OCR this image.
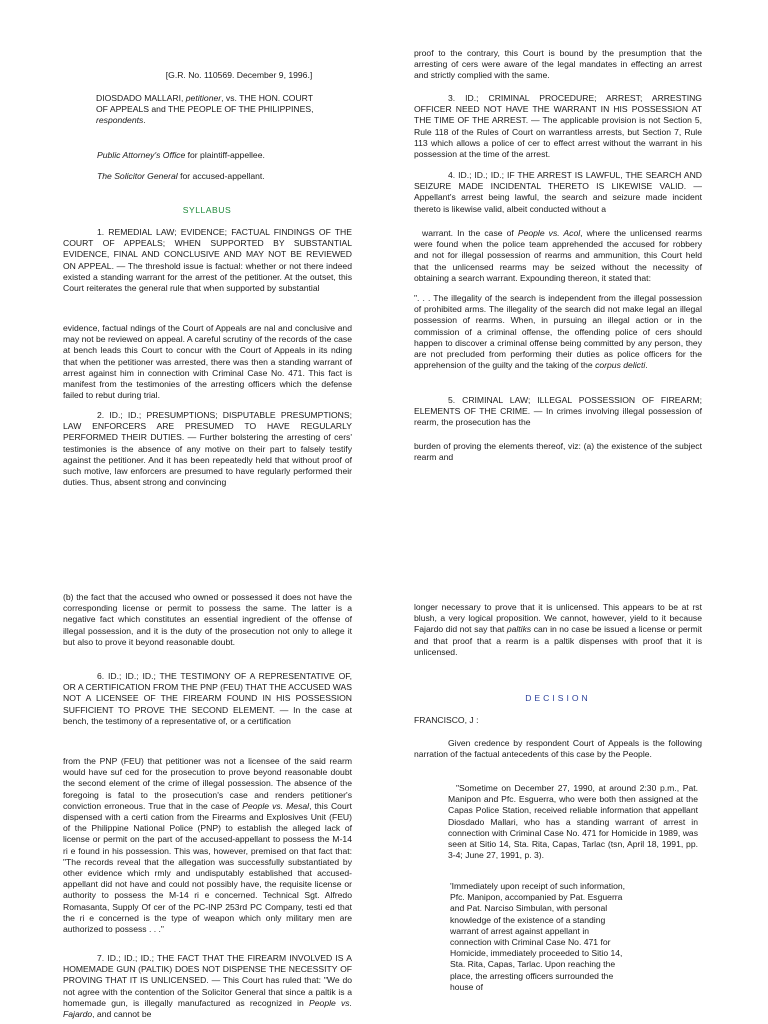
[G.R. No. 110569. December 9, 1996.]

DIOSDADO MALLARI, petitioner, vs. THE HON. COURT OF APPEALS and THE PEOPLE OF THE PHILIPPINES, respondents.

Public Attorney's Office for plaintiff-appellee.

The Solicitor General for accused-appellant.

SYLLABUS

1. REMEDIAL LAW; EVIDENCE; FACTUAL FINDINGS OF THE COURT OF APPEALS; WHEN SUPPORTED BY SUBSTANTIAL EVIDENCE, FINAL AND CONCLUSIVE AND MAY NOT BE REVIEWED ON APPEAL. — The threshold issue is factual: whether or not there indeed existed a standing warrant for the arrest of the petitioner. At the outset, this Court reiterates the general rule that when supported by substantial

evidence, factual ndings of the Court of Appeals are nal and conclusive and may not be reviewed on appeal. A careful scrutiny of the records of the case at bench leads this Court to concur with the Court of Appeals in its nding that when the petitioner was arrested, there was then a standing warrant of arrest against him in connection with Criminal Case No. 471. This fact is manifest from the testimonies of the arresting officers which the defense failed to rebut during trial.

2. ID.; ID.; PRESUMPTIONS; DISPUTABLE PRESUMPTIONS; LAW ENFORCERS ARE PRESUMED TO HAVE REGULARLY PERFORMED THEIR DUTIES. — Further bolstering the arresting of cers' testimonies is the absence of any motive on their part to falsely testify against the petitioner. And it has been repeatedly held that without proof of such motive, law enforcers are presumed to have regularly performed their duties. Thus, absent strong and convincing

proof to the contrary, this Court is bound by the presumption that the arresting of cers were aware of the legal mandates in effecting an arrest and strictly complied with the same.

3. ID.; CRIMINAL PROCEDURE; ARREST; ARRESTING OFFICER NEED NOT HAVE THE WARRANT IN HIS POSSESSION AT THE TIME OF THE ARREST. — The applicable provision is not Section 5, Rule 118 of the Rules of Court on warrantless arrests, but Section 7, Rule 113 which allows a police of cer to effect arrest without the warrant in his possession at the time of the arrest.

4. ID.; ID.; ID.; IF THE ARREST IS LAWFUL, THE SEARCH AND SEIZURE MADE INCIDENTAL THERETO IS LIKEWISE VALID. — Appellant's arrest being lawful, the search and seizure made incident thereto is likewise valid, albeit conducted without a

warrant. In the case of People vs. Acol, where the unlicensed rearms were found when the police team apprehended the accused for robbery and not for illegal possession of rearms and ammunition, this Court held that the unlicensed rearms may be seized without the necessity of obtaining a search warrant. Expounding thereon, it stated that:

". . . The illegality of the search is independent from the illegal possession of prohibited arms. The illegality of the search did not make legal an illegal possession of rearms. When, in pursuing an illegal action or in the commission of a criminal offense, the offending police of cers should happen to discover a criminal offense being committed by any person, they are not precluded from performing their duties as police officers for the apprehension of the guilty and the taking of the corpus delicti.

5. CRIMINAL LAW; ILLEGAL POSSESSION OF FIREARM; ELEMENTS OF THE CRIME. — In crimes involving illegal possession of rearm, the prosecution has the

burden of proving the elements thereof, viz: (a) the existence of the subject rearm and

(b) the fact that the accused who owned or possessed it does not have the corresponding license or permit to possess the same. The latter is a negative fact which constitutes an essential ingredient of the offense of illegal possession, and it is the duty of the prosecution not only to allege it but also to prove it beyond reasonable doubt.

6. ID.; ID.; ID.; THE TESTIMONY OF A REPRESENTATIVE OF, OR A CERTIFICATION FROM THE PNP (FEU) THAT THE ACCUSED WAS NOT A LICENSEE OF THE FIREARM FOUND IN HIS POSSESSION SUFFICIENT TO PROVE THE SECOND ELEMENT. — In the case at bench, the testimony of a representative of, or a certification

from the PNP (FEU) that petitioner was not a licensee of the said rearm would have suf ced for the prosecution to prove beyond reasonable doubt the second element of the crime of illegal possession. The absence of the foregoing is fatal to the prosecution's case and renders petitioner's conviction erroneous. True that in the case of People vs. Mesal, this Court dispensed with a certi cation from the Firearms and Explosives Unit (FEU) of the Philippine National Police (PNP) to establish the alleged lack of license or permit on the part of the accused-appellant to possess the M-14 ri e found in his possession. This was, however, premised on that fact that: "The records reveal that the allegation was successfully substantiated by other evidence which rmly and undisputably established that accused-appellant did not have and could not possibly have, the requisite license or authority to possess the M-14 ri e concerned. Technical Sgt. Alfredo Romasanta, Supply Of cer of the PC-INP 253rd PC Company, testi ed that the ri e concerned is the type of weapon which only military men are authorized to possess . . ."

7. ID.; ID.; ID.; THE FACT THAT THE FIREARM INVOLVED IS A HOMEMADE GUN (PALTIK) DOES NOT DISPENSE THE NECESSITY OF PROVING THAT IT IS UNLICENSED. — This Court has ruled that: "We do not agree with the contention of the Solicitor General that since a paltik is a homemade gun, is illegally manufactured as recognized in People vs. Fajardo, and cannot be

longer necessary to prove that it is unlicensed. This appears to be at rst blush, a very logical proposition. We cannot, however, yield to it because Fajardo did not say that paltiks can in no case be issued a license or permit and that proof that a rearm is a paltik dispenses with proof that it is unlicensed.

DECISION

FRANCISCO, J :

Given credence by respondent Court of Appeals is the following narration of the factual antecedents of this case by the People.

"Sometime on December 27, 1990, at around 2:30 p.m., Pat. Manipon and Pfc. Esguerra, who were both then assigned at the Capas Police Station, received reliable information that appellant Diosdado Mallari, who has a standing warrant of arrest in connection with Criminal Case No. 471 for Homicide in 1989, was seen at Sitio 14, Sta. Rita, Capas, Tarlac (tsn, April 18, 1991, pp. 3-4; June 27, 1991, p. 3).

'Immediately upon receipt of such information, Pfc. Manipon, accompanied by Pat. Esguerra and Pat. Narciso Simbulan, with personal knowledge of the existence of a standing warrant of arrest against appellant in connection with Criminal Case No. 471 for Homicide, immediately proceeded to Sitio 14, Sta. Rita, Capas, Tarlac. Upon reaching the place, the arresting officers surrounded the house of
